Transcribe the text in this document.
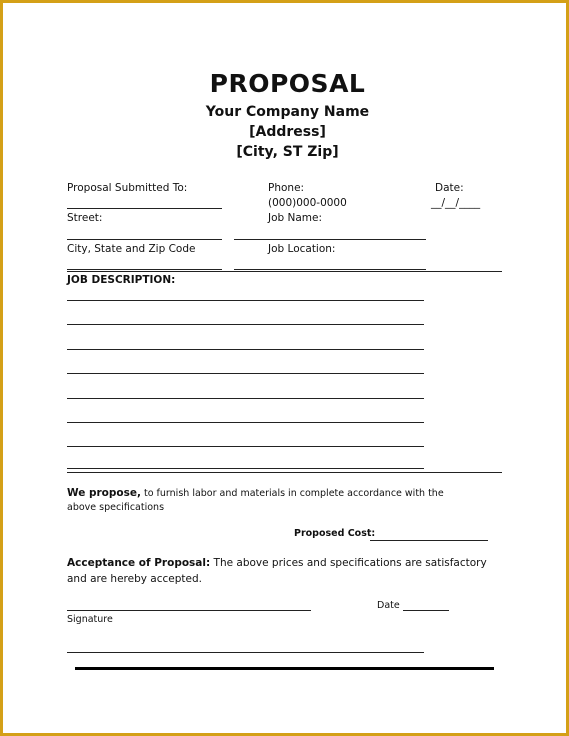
PROPOSAL
Your Company Name
[Address]
[City, ST Zip]
Proposal Submitted To:	Phone:
(000)000-0000
Date:
__/__/____
Street:	Job Name:
City, State and Zip Code	Job Location:
JOB DESCRIPTION:
We propose, to furnish labor and materials in complete accordance with the above specifications
Proposed Cost:
Acceptance of Proposal: The above prices and specifications are satisfactory and are hereby accepted.
Date
Signature
